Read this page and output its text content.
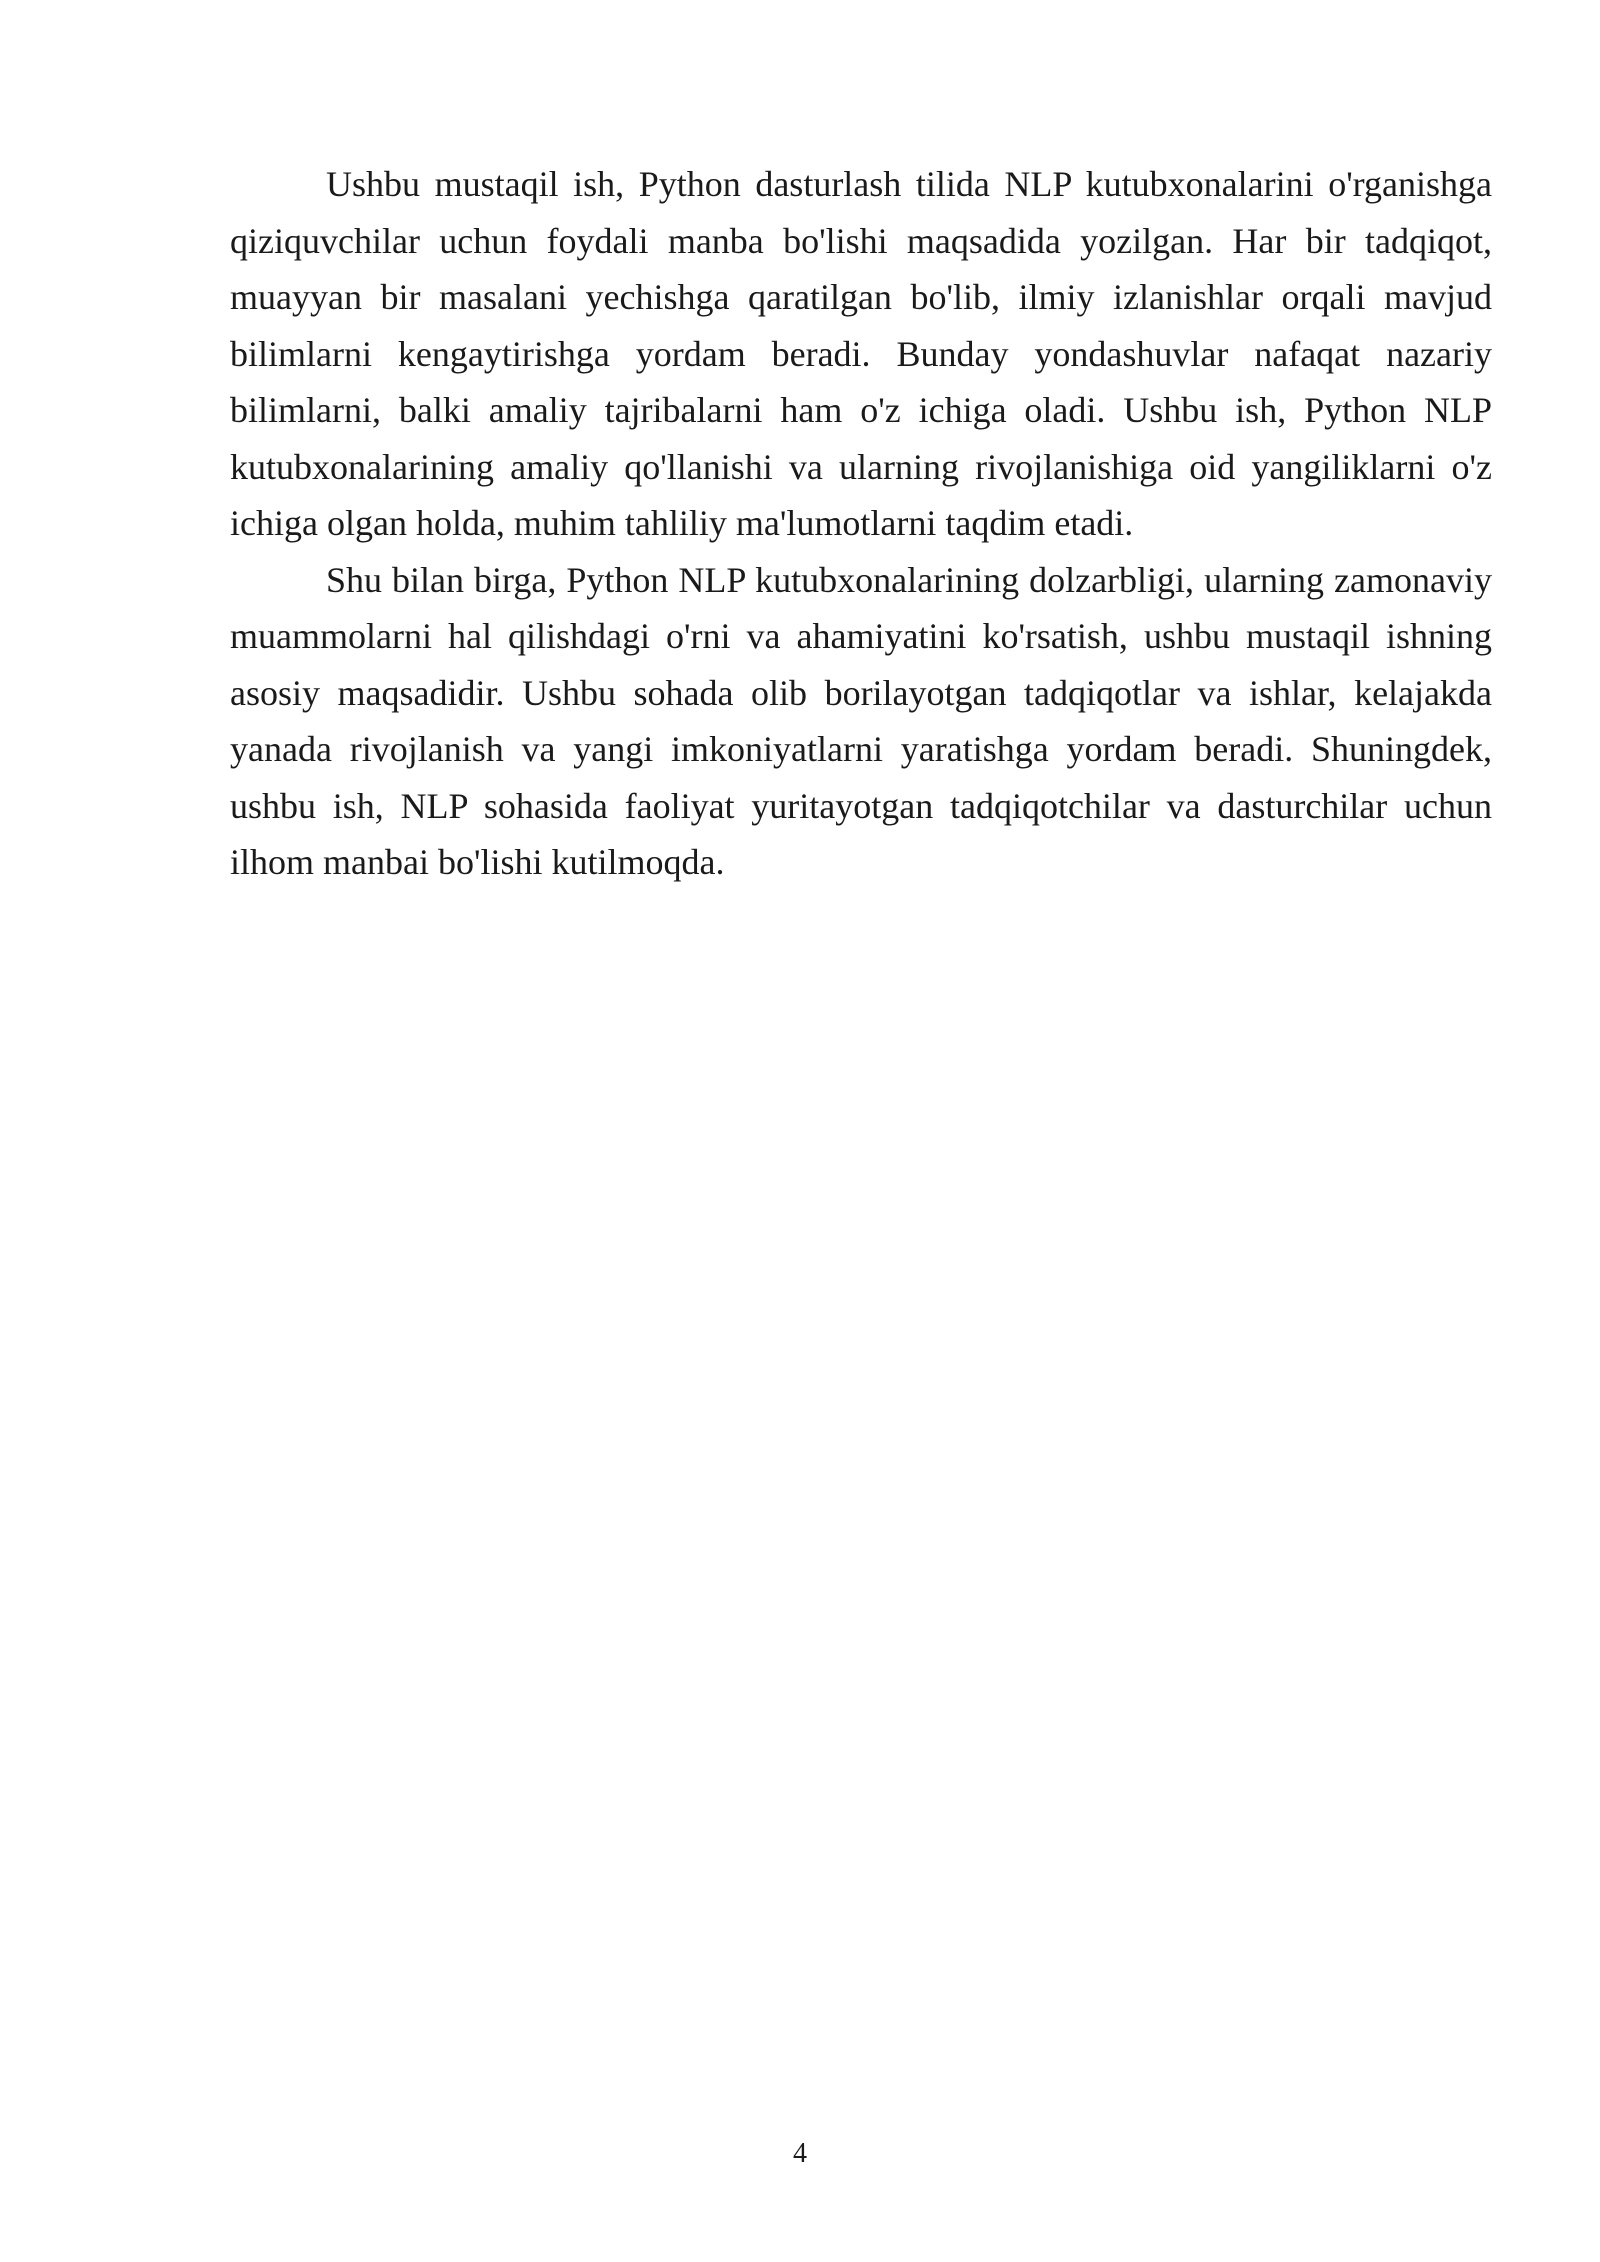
Ushbu mustaqil ish, Python dasturlash tilida NLP kutubxonalarini o'rganishga qiziquvchilar uchun foydali manba bo'lishi maqsadida yozilgan. Har bir tadqiqot, muayyan bir masalani yechishga qaratilgan bo'lib, ilmiy izlanishlar orqali mavjud bilimlarni kengaytirishga yordam beradi. Bunday yondashuvlar nafaqat nazariy bilimlarni, balki amaliy tajribalarni ham o'z ichiga oladi. Ushbu ish, Python NLP kutubxonalarining amaliy qo'llanishi va ularning rivojlanishiga oid yangiliklarni o'z ichiga olgan holda, muhim tahliliy ma'lumotlarni taqdim etadi.

Shu bilan birga, Python NLP kutubxonalarining dolzarbligi, ularning zamonaviy muammolarni hal qilishdagi o'rni va ahamiyatini ko'rsatish, ushbu mustaqil ishning asosiy maqsadidir. Ushbu sohada olib borilayotgan tadqiqotlar va ishlar, kelajakda yanada rivojlanish va yangi imkoniyatlarni yaratishga yordam beradi. Shuningdek, ushbu ish, NLP sohasida faoliyat yuritayotgan tadqiqotchilar va dasturchilar uchun ilhom manbai bo'lishi kutilmoqda.

4
